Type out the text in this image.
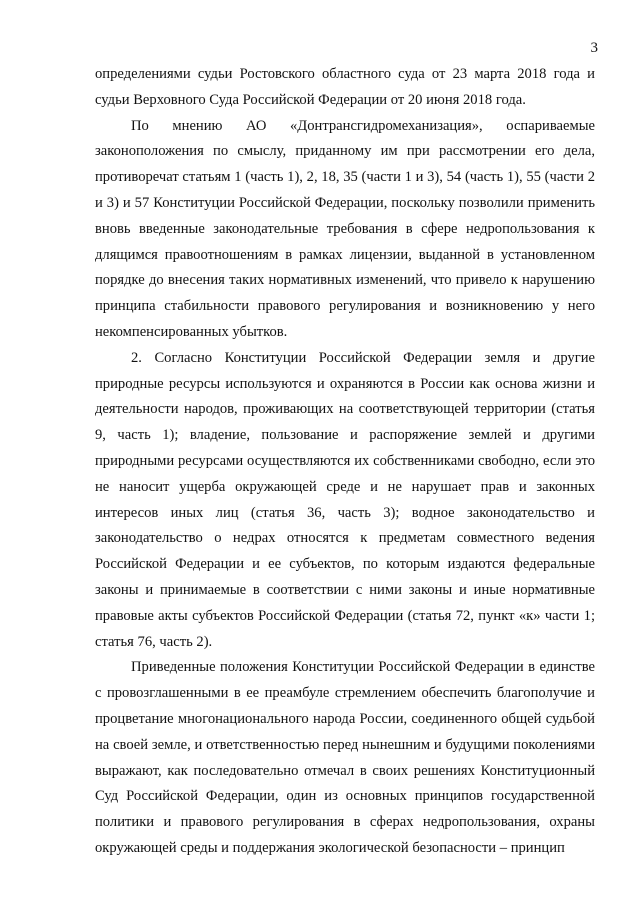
3

определениями судьи Ростовского областного суда от 23 марта 2018 года и судьи Верховного Суда Российской Федерации от 20 июня 2018 года.

По мнению АО «Донтрансгидромеханизация», оспариваемые законоположения по смыслу, приданному им при рассмотрении его дела, противоречат статьям 1 (часть 1), 2, 18, 35 (части 1 и 3), 54 (часть 1), 55 (части 2 и 3) и 57 Конституции Российской Федерации, поскольку позволили применить вновь введенные законодательные требования в сфере недропользования к длящимся правоотношениям в рамках лицензии, выданной в установленном порядке до внесения таких нормативных изменений, что привело к нарушению принципа стабильности правового регулирования и возникновению у него некомпенсированных убытков.

2. Согласно Конституции Российской Федерации земля и другие природные ресурсы используются и охраняются в России как основа жизни и деятельности народов, проживающих на соответствующей территории (статья 9, часть 1); владение, пользование и распоряжение землей и другими природными ресурсами осуществляются их собственниками свободно, если это не наносит ущерба окружающей среде и не нарушает прав и законных интересов иных лиц (статья 36, часть 3); водное законодательство и законодательство о недрах относятся к предметам совместного ведения Российской Федерации и ее субъектов, по которым издаются федеральные законы и принимаемые в соответствии с ними законы и иные нормативные правовые акты субъектов Российской Федерации (статья 72, пункт «к» части 1; статья 76, часть 2).

Приведенные положения Конституции Российской Федерации в единстве с провозглашенными в ее преамбуле стремлением обеспечить благополучие и процветание многонационального народа России, соединенного общей судьбой на своей земле, и ответственностью перед нынешним и будущими поколениями выражают, как последовательно отмечал в своих решениях Конституционный Суд Российской Федерации, один из основных принципов государственной политики и правового регулирования в сферах недропользования, охраны окружающей среды и поддержания экологической безопасности – принцип
